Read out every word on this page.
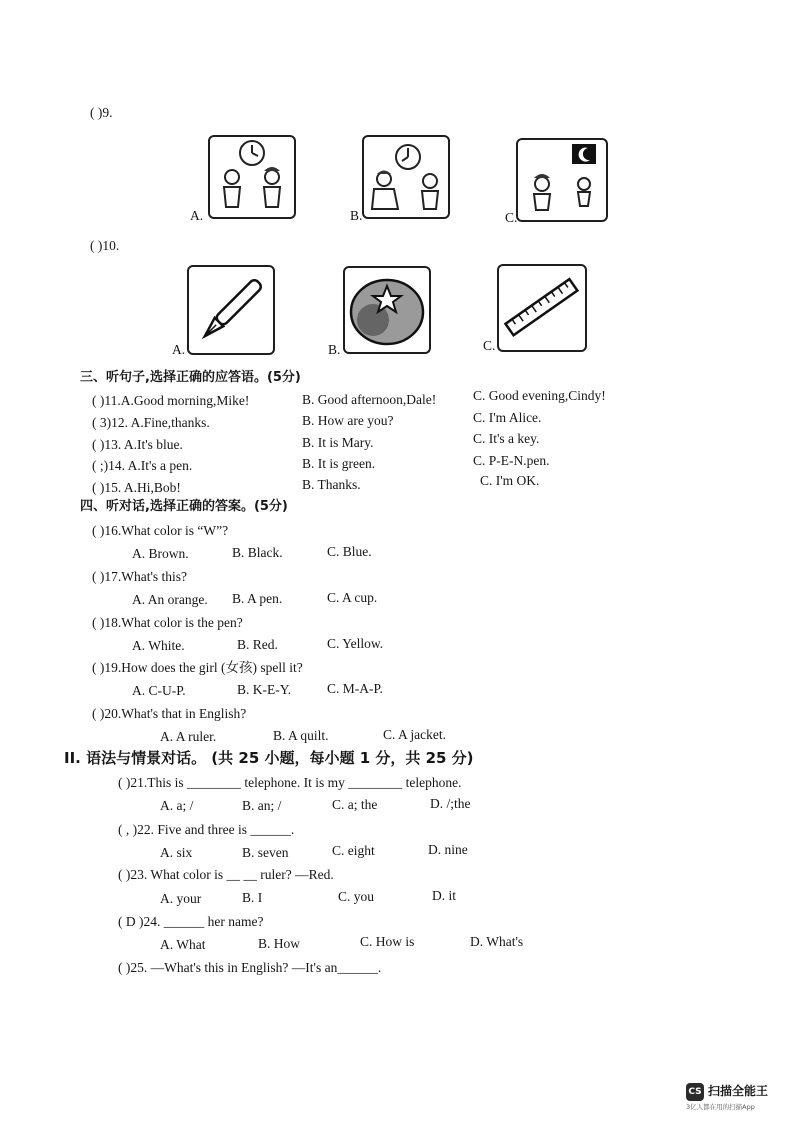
( )9.
A.	B.	C.
( )10.
A.	B.	C.
三、听句子,选择正确的应答语。(5分)
( )11.A.Good morning,Mike!	B. Good afternoon,Dale!	C. Good evening,Cindy!
( 3)12. A.Fine,thanks.	B. How are you?	C. I'm Alice.
( )13. A.It's blue.	B. It is Mary.	C. It's a key.
( ;)14. A.It's a pen.	B. It is green.	C. P-E-N.pen.
( )15. A.Hi,Bob!	B. Thanks.	C. I'm OK.
四、听对话,选择正确的答案。(5分)
( )16.What color is “W”?
A. Brown.	B. Black.	C. Blue.
( )17.What's this?
A. An orange. B. A pen.	C. A cup.
( )18.What color is the pen?
A. White.	B. Red.	C. Yellow.
( )19.How does the girl (女孩) spell it?
A. C-U-P.	B. K-E-Y.	C. M-A-P.
( )20.What's that in English?
A. A ruler.	B. A quilt.	C. A jacket.
II. 语法与情景对话。 (共 25 小题，每小题 1 分，共 25 分)
( )21.This is ________ telephone. It is my ________ telephone.
A. a; /	B. an; /	C. a; the	D. /;the
( , )22. Five and three is ______.
A. six	B. seven	C. eight	D. nine
( )23. What color is __ __ ruler? —Red.
A. your	B. I	C. you	D. it
( D )24. ______ her name?
A. What	B. How	C. How is	D. What's
( )25. —What's this in English? —It's an______.
CS 扫描全能王
3亿人都在用的扫描App
